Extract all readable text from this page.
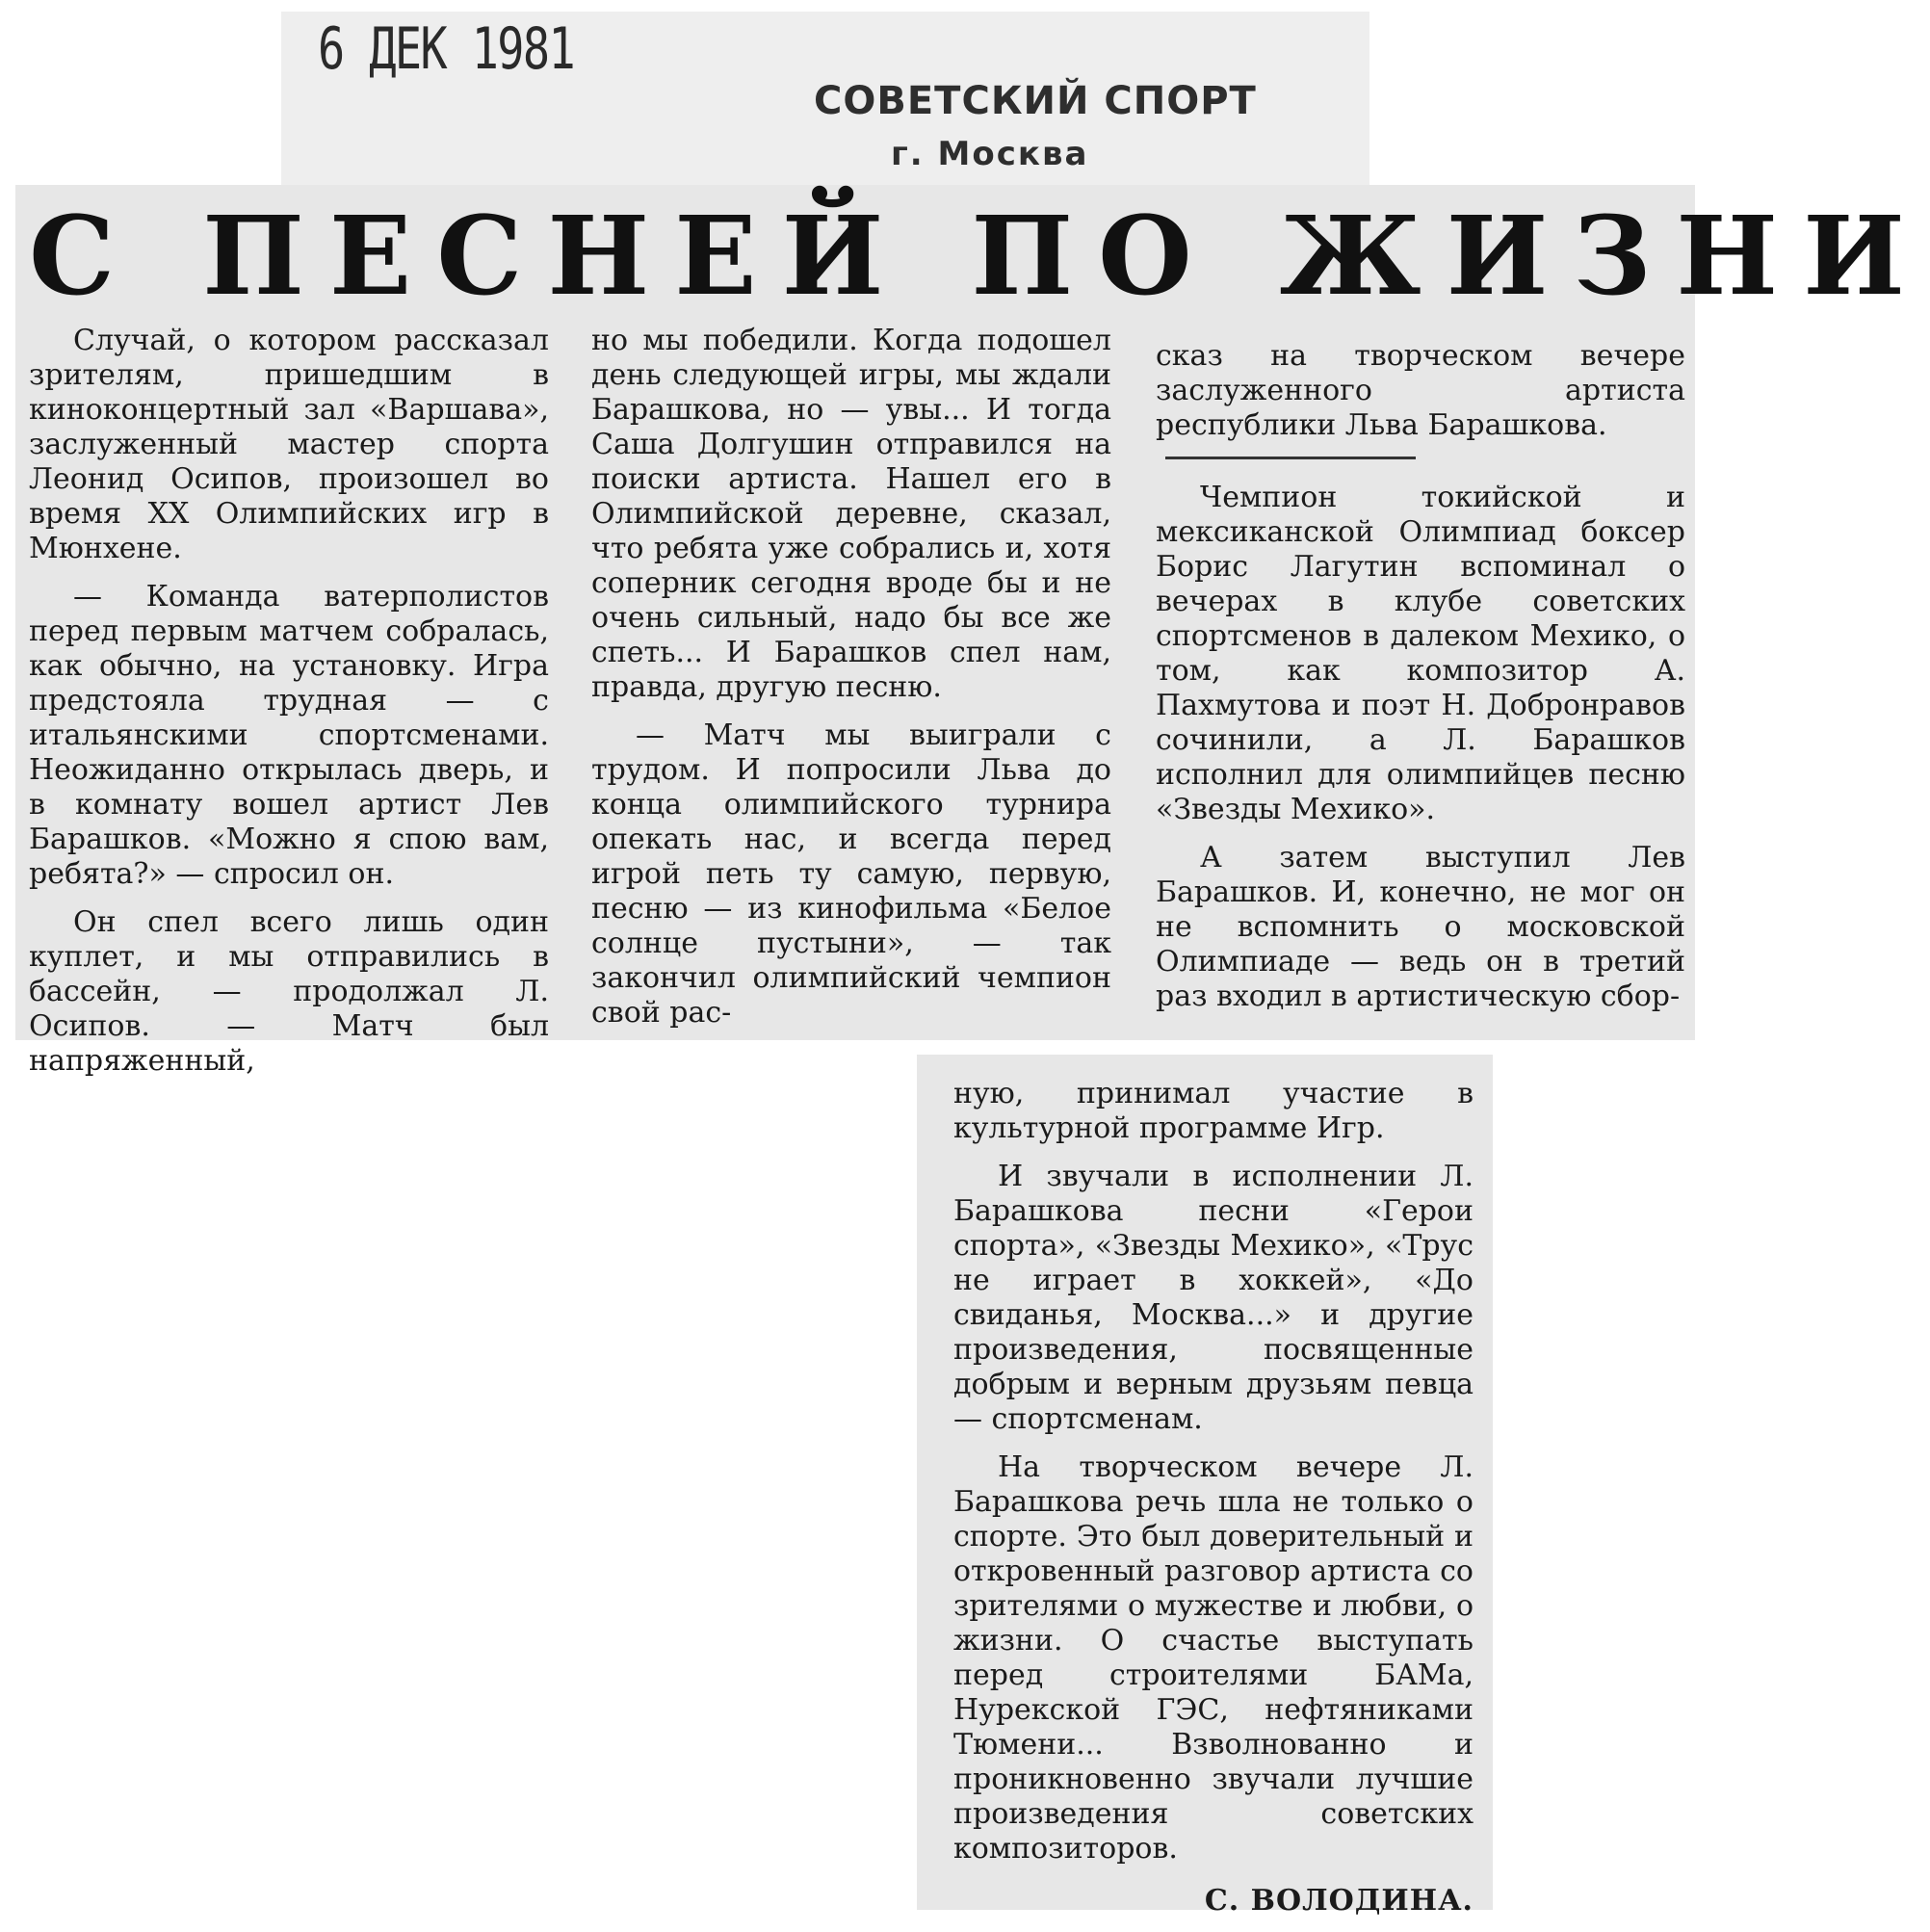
6 ДЕК 1981
СОВЕТСКИЙ СПОРТ
г. Москва
С ПЕСНЕЙ ПО ЖИЗНИ

Случай, о котором рассказал зрителям, пришедшим в киноконцертный зал «Варшава», заслуженный мастер спорта Леонид Осипов, произошел во время XX Олимпийских игр в Мюнхене.

— Команда ватерполистов перед первым матчем собралась, как обычно, на установку. Игра предстояла трудная — с итальянскими спортсменами. Неожиданно открылась дверь, и в комнату вошел артист Лев Барашков. «Можно я спою вам, ребята?» — спросил он.

Он спел всего лишь один куплет, и мы отправились в бассейн, — продолжал Л. Осипов. — Матч был напряженный,

но мы победили. Когда подошел день следующей игры, мы ждали Барашкова, но — увы... И тогда Саша Долгушин отправился на поиски артиста. Нашел его в Олимпийской деревне, сказал, что ребята уже собрались и, хотя соперник сегодня вроде бы и не очень сильный, надо бы все же спеть... И Барашков спел нам, правда, другую песню.

— Матч мы выиграли с трудом. И попросили Льва до конца олимпийского турнира опекать нас, и всегда перед игрой петь ту самую, первую, песню — из кинофильма «Белое солнце пустыни», — так закончил олимпийский чемпион свой рас-

сказ на творческом вечере заслуженного артиста республики Льва Барашкова.

Чемпион токийской и мексиканской Олимпиад боксер Борис Лагутин вспоминал о вечерах в клубе советских спортсменов в далеком Мехико, о том, как композитор А. Пахмутова и поэт Н. Добронравов сочинили, а Л. Барашков исполнил для олимпийцев песню «Звезды Мехико».

А затем выступил Лев Барашков. И, конечно, не мог он не вспомнить о московской Олимпиаде — ведь он в третий раз входил в артистическую сбор-

ную, принимал участие в культурной программе Игр.

И звучали в исполнении Л. Барашкова песни «Герои спорта», «Звезды Мехико», «Трус не играет в хоккей», «До свиданья, Москва...» и другие произведения, посвященные добрым и верным друзьям певца — спортсменам.

На творческом вечере Л. Барашкова речь шла не только о спорте. Это был доверительный и откровенный разговор артиста со зрителями о мужестве и любви, о жизни. О счастье выступать перед строителями БАМа, Нурекской ГЭС, нефтяниками Тюмени... Взволнованно и проникновенно звучали лучшие произведения советских композиторов.

С. ВОЛОДИНА.
